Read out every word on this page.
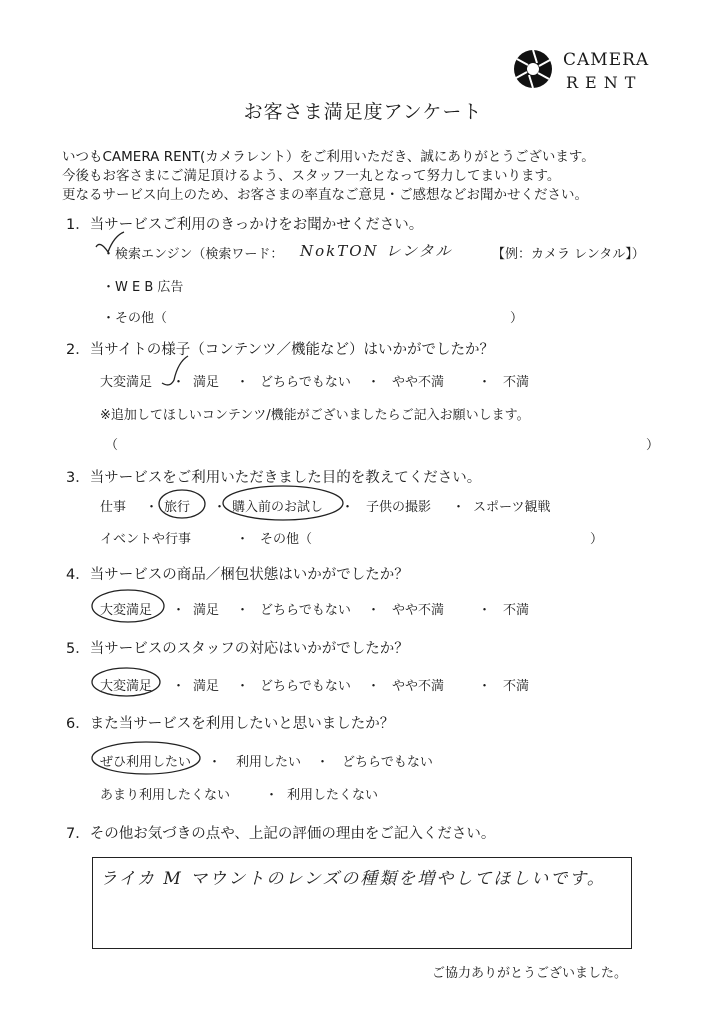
CAMERA
RENT
お客さま満足度アンケート
いつもCAMERA RENT(カメラレント）をご利用いただき、誠にありがとうございます。
今後もお客さまにご満足頂けるよう、スタッフ一丸となって努力してまいります。
更なるサービス向上のため、お客さまの率直なご意見・ご感想などお聞かせください。
1．当サービスご利用のきっかけをお聞かせください。
・検索エンジン（検索ワード： NokTON レンタル	【例：カメラ レンタル】）
・W E B 広告
・その他（	）
2．当サイトの様子（コンテンツ／機能など）はいかがでしたか？
大変満足 ・ 満足 ・ どちらでもない ・ やや不満	・ 不満
※追加してほしいコンテンツ/機能がございましたらご記入お願いします。
（	）
3．当サービスをご利用いただきました目的を教えてください。
仕事 ・ 旅行 ・ 購入前のお試し ・ 子供の撮影 ・ スポーツ観戦
イベントや行事	・ その他（	）
4．当サービスの商品／梱包状態はいかがでしたか？
大変満足 ・ 満足 ・ どちらでもない ・ やや不満	・ 不満
5．当サービスのスタッフの対応はいかがでしたか？
大変満足 ・ 満足 ・ どちらでもない ・ やや不満	・ 不満
6．また当サービスを利用したいと思いましたか？
ぜひ利用したい ・ 利用したい ・ どちらでもない
あまり利用したくない	・ 利用したくない
7．その他お気づきの点や、上記の評価の理由をご記入ください。
ライカ M マウントのレンズの種類を増やしてほしいです。
ご協力ありがとうございました。
